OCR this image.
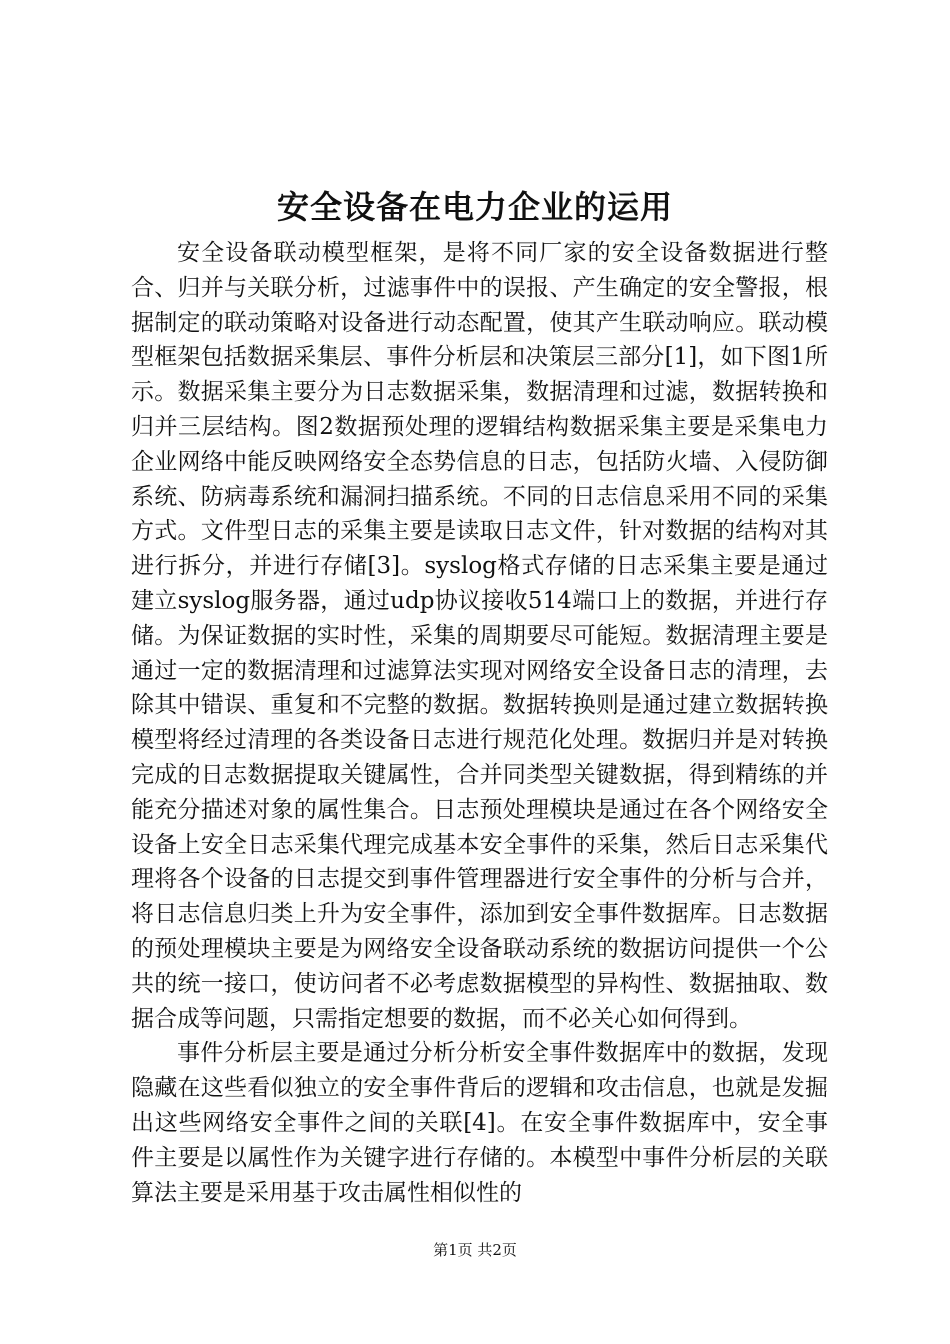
安全设备在电力企业的运用

安全设备联动模型框架，是将不同厂家的安全设备数据进行整合、归并与关联分析，过滤事件中的误报、产生确定的安全警报，根据制定的联动策略对设备进行动态配置，使其产生联动响应。联动模型框架包括数据采集层、事件分析层和决策层三部分[1]，如下图1所示。数据采集主要分为日志数据采集，数据清理和过滤，数据转换和归并三层结构。图2数据预处理的逻辑结构数据采集主要是采集电力企业网络中能反映网络安全态势信息的日志，包括防火墙、入侵防御系统、防病毒系统和漏洞扫描系统。不同的日志信息采用不同的采集方式。文件型日志的采集主要是读取日志文件，针对数据的结构对其进行拆分，并进行存储[3]。syslog格式存储的日志采集主要是通过建立syslog服务器，通过udp协议接收514端口上的数据，并进行存储。为保证数据的实时性，采集的周期要尽可能短。数据清理主要是通过一定的数据清理和过滤算法实现对网络安全设备日志的清理，去除其中错误、重复和不完整的数据。数据转换则是通过建立数据转换模型将经过清理的各类设备日志进行规范化处理。数据归并是对转换完成的日志数据提取关键属性，合并同类型关键数据，得到精练的并能充分描述对象的属性集合。日志预处理模块是通过在各个网络安全设备上安全日志采集代理完成基本安全事件的采集，然后日志采集代理将各个设备的日志提交到事件管理器进行安全事件的分析与合并，将日志信息归类上升为安全事件，添加到安全事件数据库。日志数据的预处理模块主要是为网络安全设备联动系统的数据访问提供一个公共的统一接口，使访问者不必考虑数据模型的异构性、数据抽取、数据合成等问题，只需指定想要的数据，而不必关心如何得到。

事件分析层主要是通过分析分析安全事件数据库中的数据，发现隐藏在这些看似独立的安全事件背后的逻辑和攻击信息，也就是发掘出这些网络安全事件之间的关联[4]。在安全事件数据库中，安全事件主要是以属性作为关键字进行存储的。本模型中事件分析层的关联算法主要是采用基于攻击属性相似性的

第1页 共2页
